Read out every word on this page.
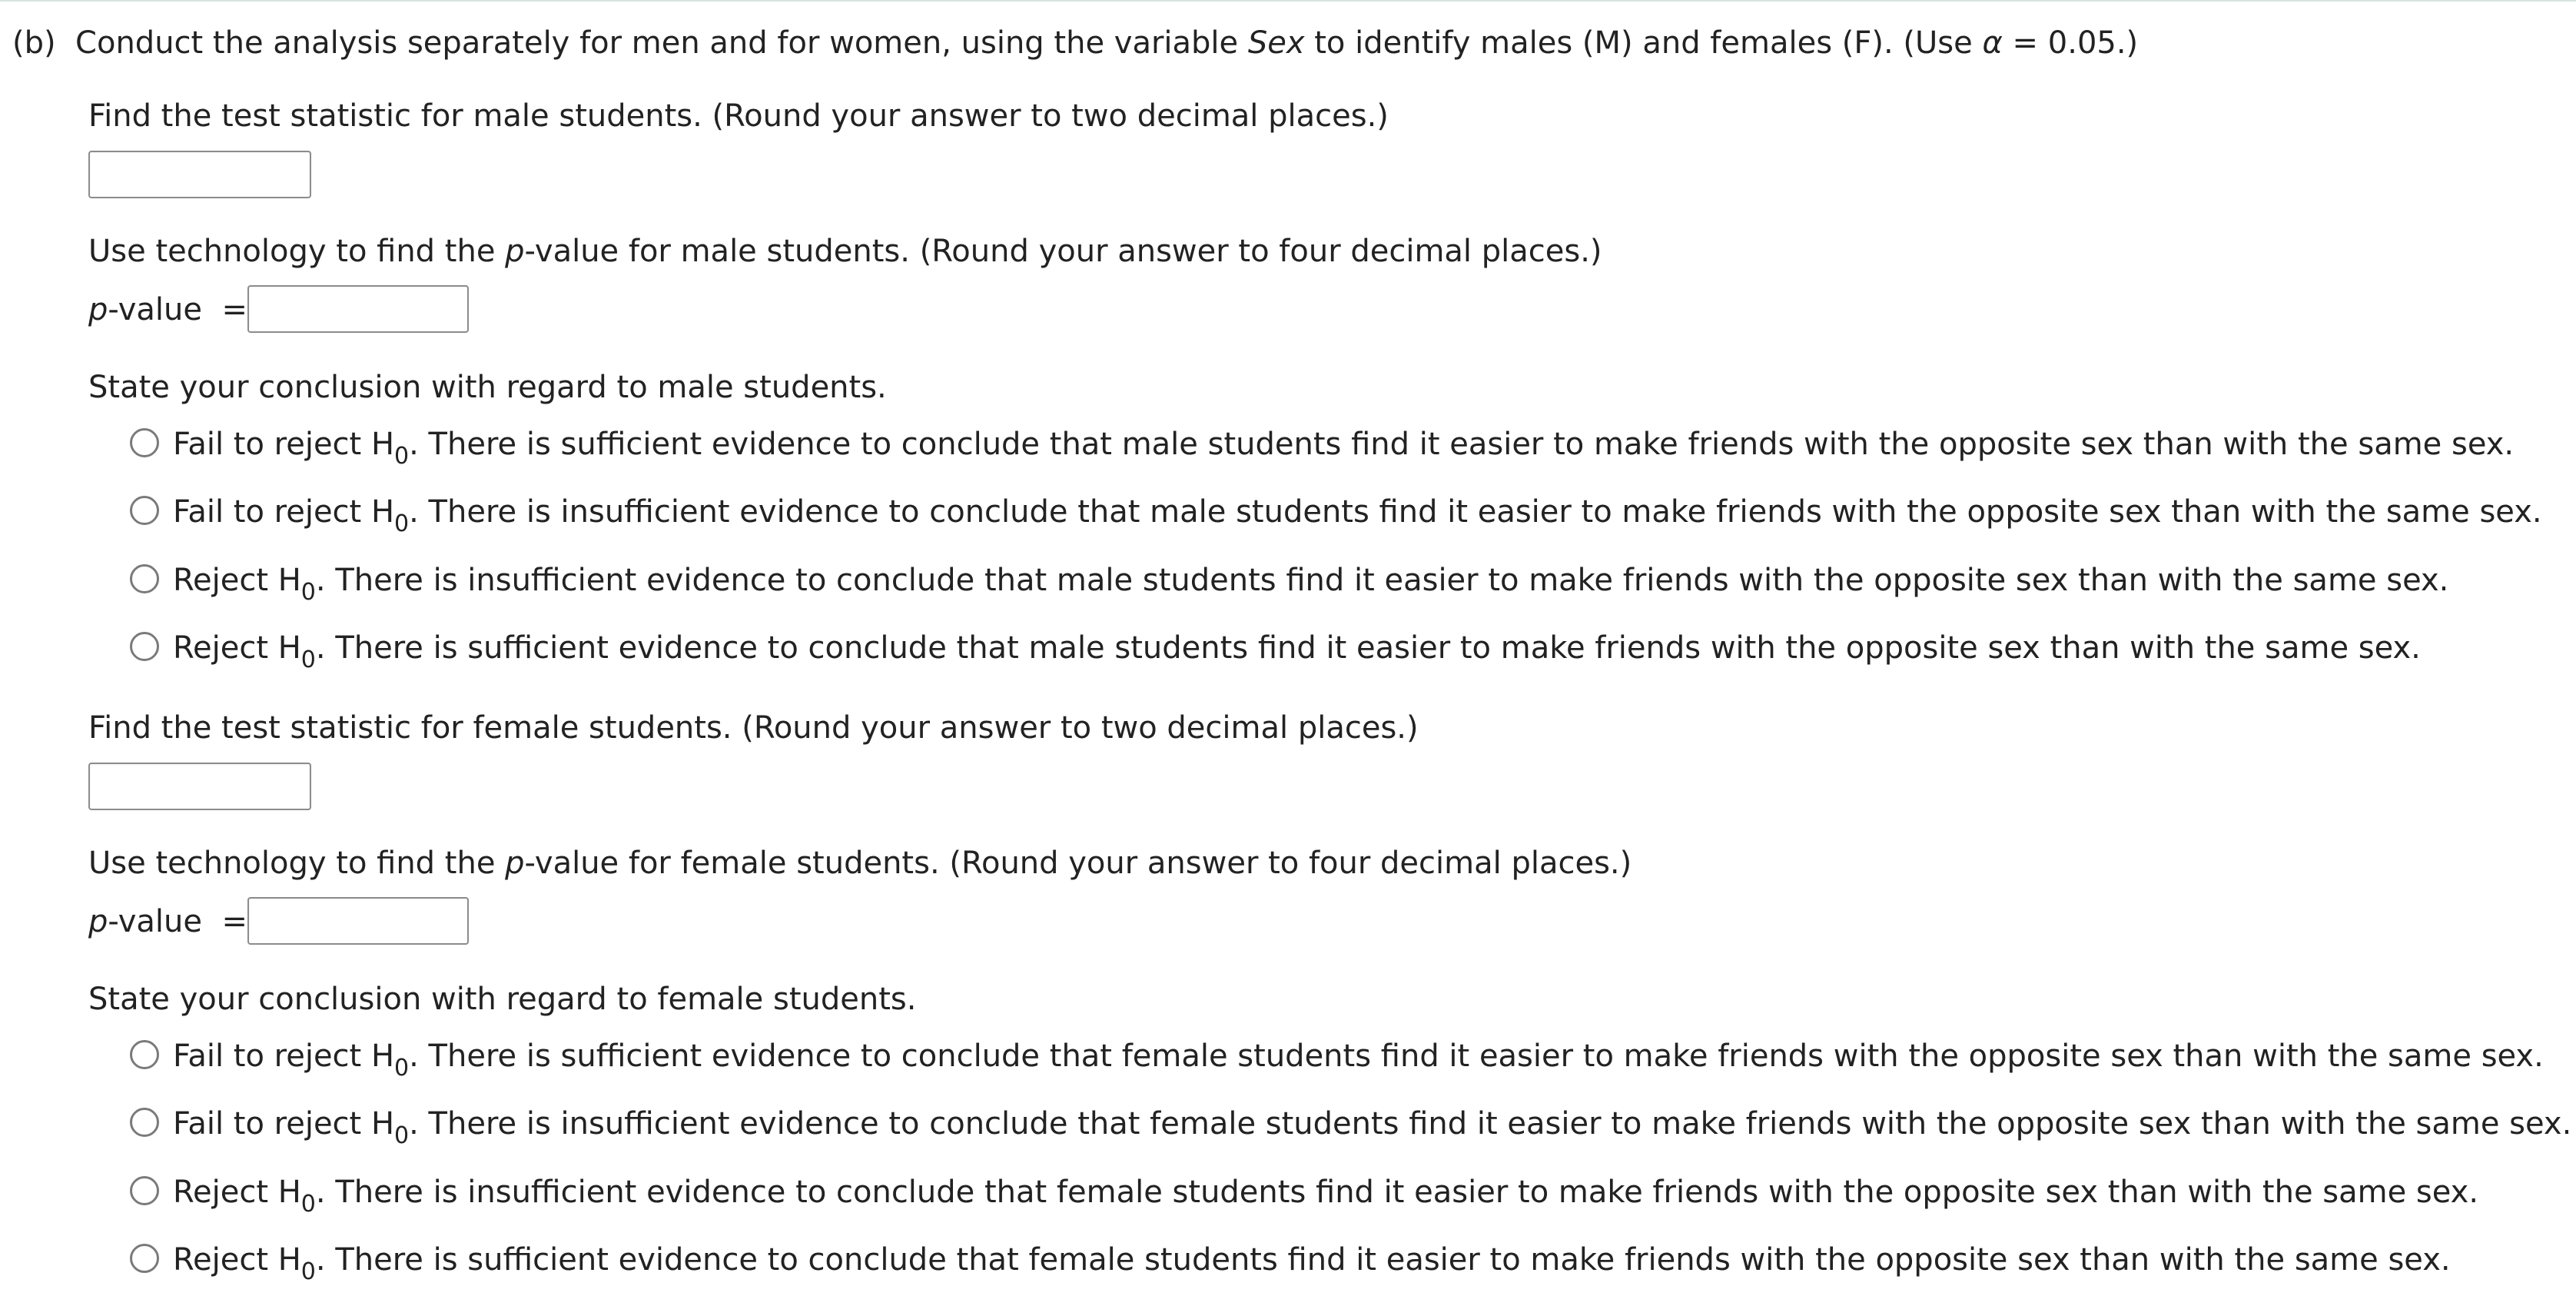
(b) Conduct the analysis separately for men and for women, using the variable Sex to identify males (M) and females (F). (Use α = 0.05.)
Find the test statistic for male students. (Round your answer to two decimal places.)
Use technology to find the p-value for male students. (Round your answer to four decimal places.)
p-value  =
State your conclusion with regard to male students.
Fail to reject $H_0$. There is sufficient evidence to conclude that male students find it easier to make friends with the opposite sex than with the same sex.
Fail to reject $H_0$. There is insufficient evidence to conclude that male students find it easier to make friends with the opposite sex than with the same sex.
Reject $H_0$. There is insufficient evidence to conclude that male students find it easier to make friends with the opposite sex than with the same sex.
Reject $H_0$. There is sufficient evidence to conclude that male students find it easier to make friends with the opposite sex than with the same sex.
Find the test statistic for female students. (Round your answer to two decimal places.)
Use technology to find the p-value for female students. (Round your answer to four decimal places.)
p-value  =
State your conclusion with regard to female students.
Fail to reject $H_0$. There is sufficient evidence to conclude that female students find it easier to make friends with the opposite sex than with the same sex.
Fail to reject $H_0$. There is insufficient evidence to conclude that female students find it easier to make friends with the opposite sex than with the same sex.
Reject $H_0$. There is insufficient evidence to conclude that female students find it easier to make friends with the opposite sex than with the same sex.
Reject $H_0$. There is sufficient evidence to conclude that female students find it easier to make friends with the opposite sex than with the same sex.
